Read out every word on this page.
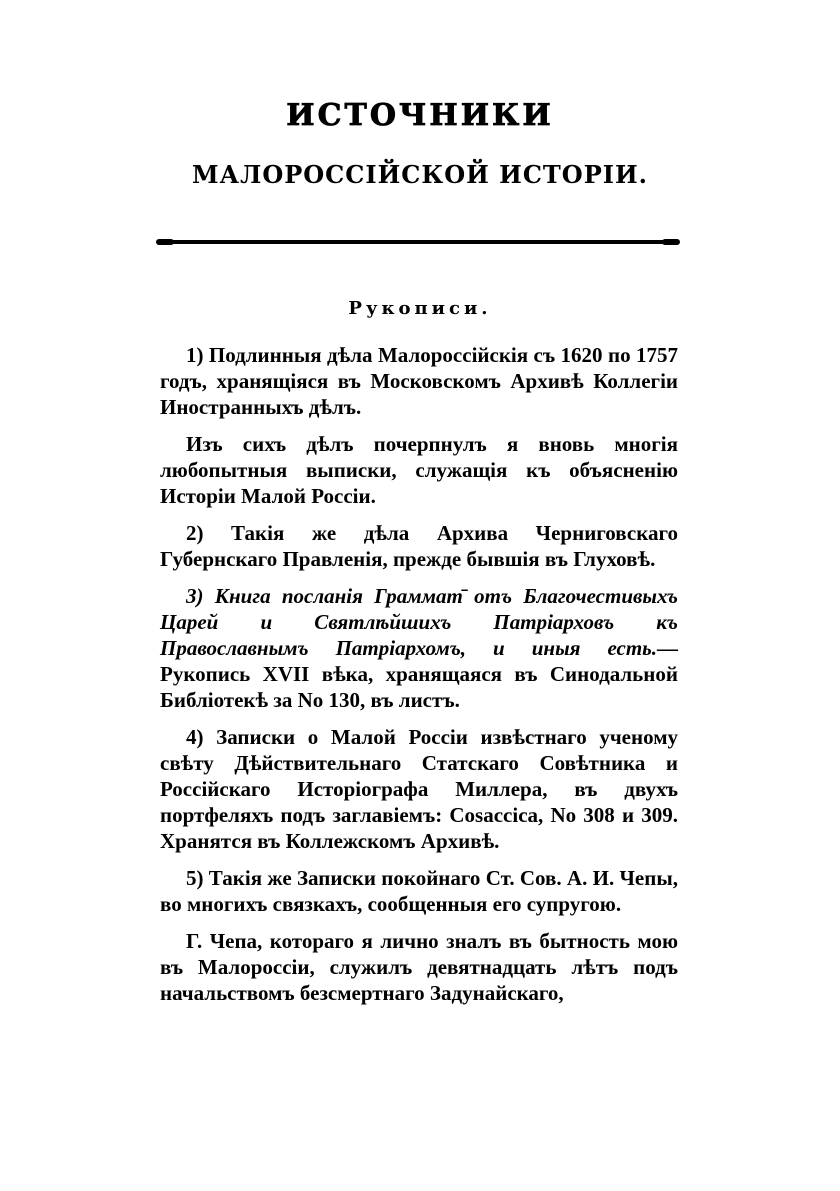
ИСТОЧНИКИ
МАЛОРОССІЙСКОЙ ИСТОРІИ.
Рукописи.

1) Подлинныя дѣла Малороссійскія съ 1620 по 1757 годъ, хранящіяся въ Московскомъ Архивѣ Коллегіи Иностранныхъ дѣлъ.

Изъ сихъ дѣлъ почерпнулъ я вновь многія любопытныя выписки, служащія къ объясненію Исторіи Малой Россіи.

2) Такія же дѣла Архива Черниговскаго Губернскаго Правленія, прежде бывшія въ Глуховѣ.

3) Книга посланія Граммат̄ отъ Благочестивыхъ Царей и Святлѣйшихъ Патріарховъ къ Православнымъ Патріархомъ, и иныя есть.— Рукопись XVII вѣка, хранящаяся въ Синодальной Библіотекѣ за No 130, въ листъ.

4) Записки о Малой Россіи извѣстнаго ученому свѣту Дѣйствительнаго Статскаго Совѣтника и Россійскаго Исторіографа Миллера, въ двухъ портфеляхъ подъ заглавіемъ: Cosaccica, No 308 и 309. Хранятся въ Коллежскомъ Архивѣ.

5) Такія же Записки покойнаго Ст. Сов. А. И. Чепы, во многихъ связкахъ, сообщенныя его супругою.

Г. Чепа, котораго я лично зналъ въ бытность мою въ Малороссіи, служилъ девятнадцать лѣтъ подъ начальствомъ безсмертнаго Задунайскаго,
